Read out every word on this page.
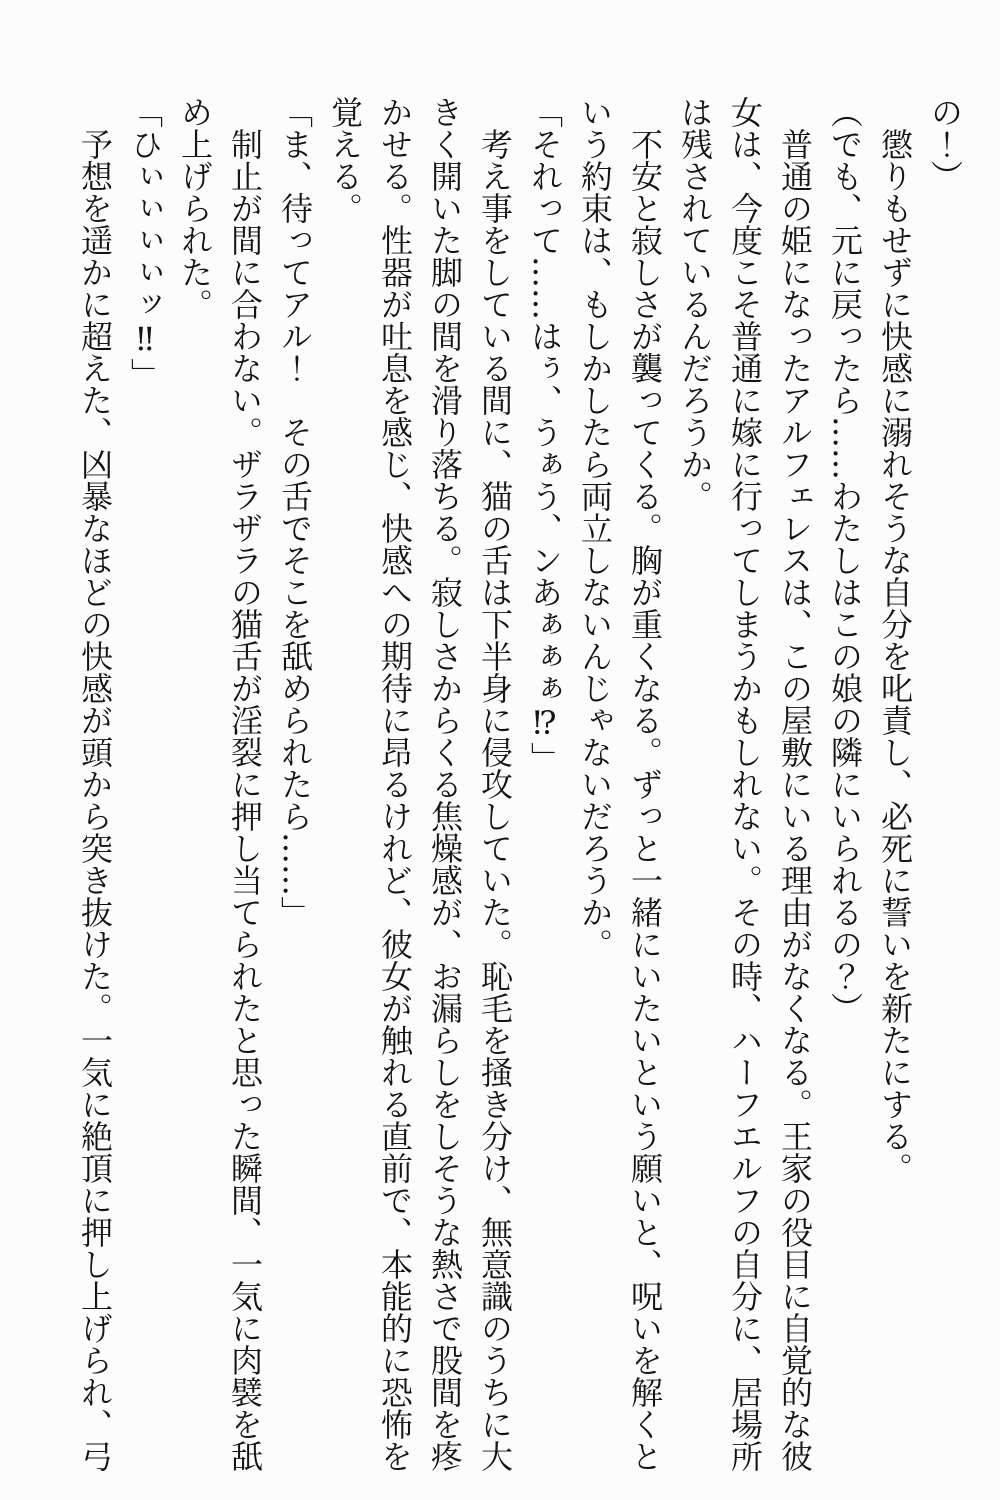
の！）

懲りもせずに快感に溺れそうな自分を叱責し、必死に誓いを新たにする。

（でも、元に戻ったら……わたしはこの娘の隣にいられるの？）

普通の姫になったアルフェレスは、この屋敷にいる理由がなくなる。王家の役目に自覚的な彼女は、今度こそ普通に嫁に行ってしまうかもしれない。その時、ハーフエルフの自分に、居場所は残されているんだろうか。

不安と寂しさが襲ってくる。胸が重くなる。ずっと一緒にいたいという願いと、呪いを解くという約束は、もしかしたら両立しないんじゃないだろうか。

「それって……はぅ、うぁう、ンあぁぁぁ⁉」

考え事をしている間に、猫の舌は下半身に侵攻していた。恥毛を掻き分け、無意識のうちに大きく開いた脚の間を滑り落ちる。寂しさからくる焦燥感が、お漏らしをしそうな熱さで股間を疼かせる。性器が吐息を感じ、快感への期待に昂るけれど、彼女が触れる直前で、本能的に恐怖を覚える。

「ま、待ってアル！　その舌でそこを舐められたら……」

制止が間に合わない。ザラザラの猫舌が淫裂に押し当てられたと思った瞬間、一気に肉襞を舐め上げられた。

「ひぃぃぃぃッ‼」

予想を遥かに超えた、凶暴なほどの快感が頭から突き抜けた。一気に絶頂に押し上げられ、弓
